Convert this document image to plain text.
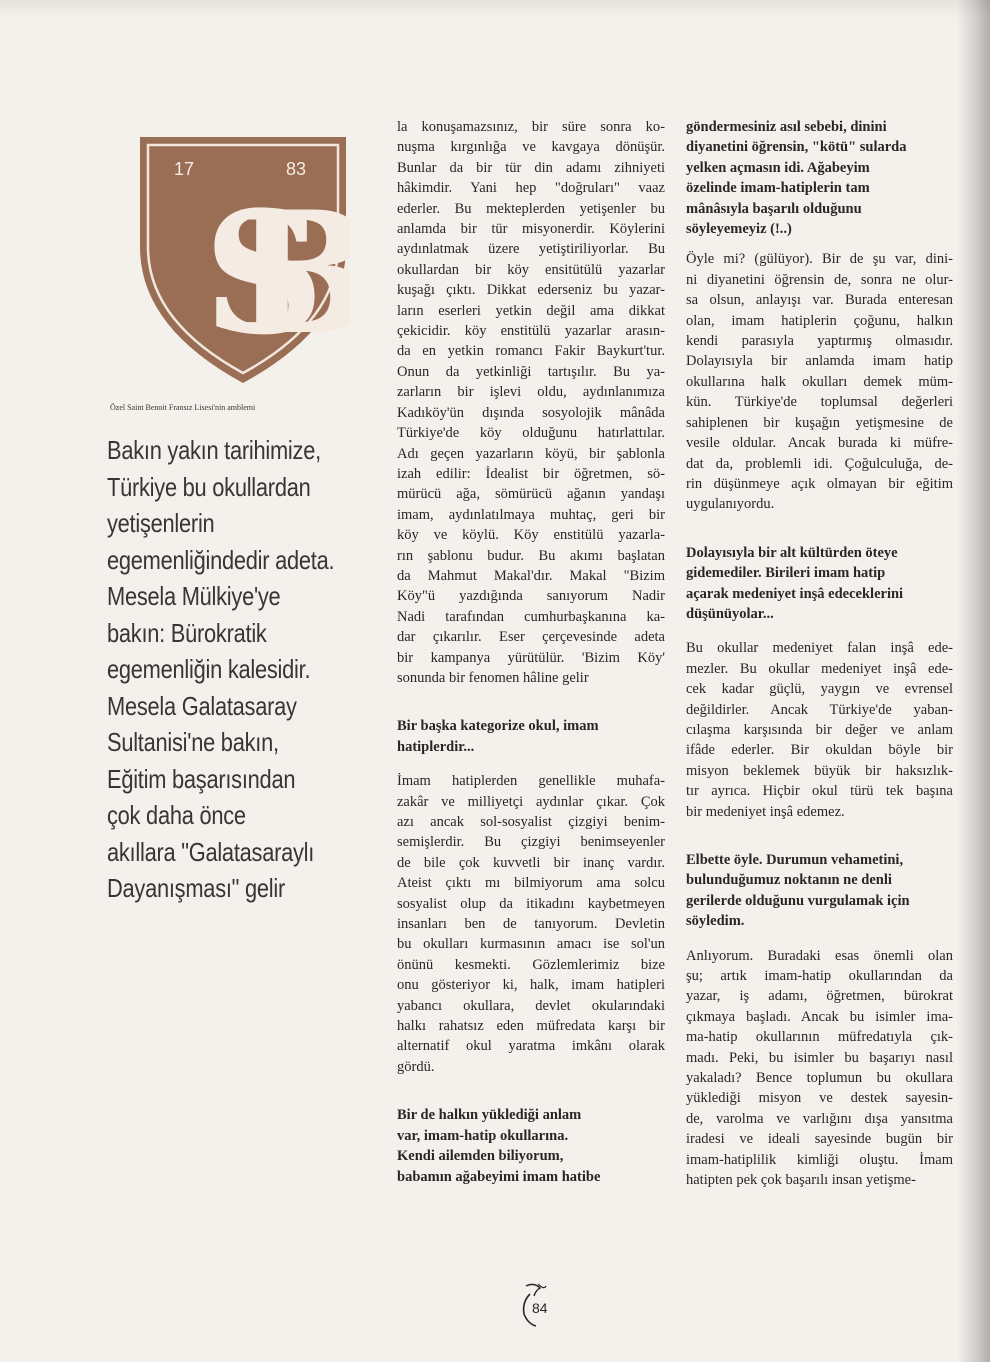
17	83
SB
Özel Saint Benoit Fransız Lisesi'nin amblemi
Bakın yakın tarihimize,
Türkiye bu okullardan
yetişenlerin
egemenliğindedir adeta.
Mesela Mülkiye'ye
bakın: Bürokratik
egemenliğin kalesidir.
Mesela Galatasaray
Sultanisi'ne bakın,
Eğitim başarısından
çok daha önce
akıllara "Galatasaraylı
Dayanışması" gelir
la konuşamazsınız, bir süre sonra ko-
nuşma kırgınlığa ve kavgaya dönüşür.
Bunlar da bir tür din adamı zihniyeti
hâkimdir. Yani hep "doğruları" vaaz
ederler. Bu mekteplerden yetişenler bu
anlamda bir tür misyonerdir. Köylerini
aydınlatmak üzere yetiştiriliyorlar. Bu
okullardan bir köy ensitütülü yazarlar
kuşağı çıktı. Dikkat ederseniz bu yazar-
ların eserleri yetkin değil ama dikkat
çekicidir. köy enstitülü yazarlar arasın-
da en yetkin romancı Fakir Baykurt'tur.
Onun da yetkinliği tartışılır. Bu ya-
zarların bir işlevi oldu, aydınlanımıza
Kadıköy'ün dışında sosyolojik mânâda
Türkiye'de köy olduğunu hatırlattılar.
Adı geçen yazarların köyü, bir şablonla
izah edilir: İdealist bir öğretmen, sö-
mürücü ağa, sömürücü ağanın yandaşı
imam, aydınlatılmaya muhtaç, geri bir
köy ve köylü. Köy enstitülü yazarla-
rın şablonu budur. Bu akımı başlatan
da Mahmut Makal'dır. Makal "Bizim
Köy"ü yazdığında sanıyorum Nadir
Nadi tarafından cumhurbaşkanına ka-
dar çıkarılır. Eser çerçevesinde adeta
bir kampanya yürütülür. 'Bizim Köy'
sonunda bir fenomen hâline gelir
Bir başka kategorize okul, imam
hatiplerdir...
İmam hatiplerden genellikle muhafa-
zakâr ve milliyetçi aydınlar çıkar. Çok
azı ancak sol-sosyalist çizgiyi benim-
semişlerdir. Bu çizgiyi benimseyenler
de bile çok kuvvetli bir inanç vardır.
Ateist çıktı mı bilmiyorum ama solcu
sosyalist olup da itikadını kaybetmeyen
insanları ben de tanıyorum. Devletin
bu okulları kurmasının amacı ise sol'un
önünü kesmekti. Gözlemlerimiz bize
onu gösteriyor ki, halk, imam hatipleri
yabancı okullara, devlet okularındaki
halkı rahatsız eden müfredata karşı bir
alternatif okul yaratma imkânı olarak
gördü.
Bir de halkın yüklediği anlam
var, imam-hatip okullarına.
Kendi ailemden biliyorum,
babamın ağabeyimi imam hatibe
göndermesiniz asıl sebebi, dinini
diyanetini öğrensin, "kötü" sularda
yelken açmasın idi. Ağabeyim
özelinde imam-hatiplerin tam
mânâsıyla başarılı olduğunu
söyleyemeyiz (!..)
Öyle mi? (gülüyor). Bir de şu var, dini-
ni diyanetini öğrensin de, sonra ne olur-
sa olsun, anlayışı var. Burada enteresan
olan, imam hatiplerin çoğunu, halkın
kendi parasıyla yaptırmış olmasıdır.
Dolayısıyla bir anlamda imam hatip
okullarına halk okulları demek müm-
kün. Türkiye'de toplumsal değerleri
sahiplenen bir kuşağın yetişmesine de
vesile oldular. Ancak burada ki müfre-
dat da, problemli idi. Çoğulculuğa, de-
rin düşünmeye açık olmayan bir eğitim
uygulanıyordu.
Dolayısıyla bir alt kültürden öteye
gidemediler. Birileri imam hatip
açarak medeniyet inşâ edeceklerini
düşünüyolar...
Bu okullar medeniyet falan inşâ ede-
mezler. Bu okullar medeniyet inşâ ede-
cek kadar güçlü, yaygın ve evrensel
değildirler. Ancak Türkiye'de yaban-
cılaşma karşısında bir değer ve anlam
ifâde ederler. Bir okuldan böyle bir
misyon beklemek büyük bir haksızlık-
tır ayrıca. Hiçbir okul türü tek başına
bir medeniyet inşâ edemez.
Elbette öyle. Durumun vehametini,
bulunduğumuz noktanın ne denli
gerilerde olduğunu vurgulamak için
söyledim.
Anlıyorum. Buradaki esas önemli olan
şu; artık imam-hatip okullarından da
yazar, iş adamı, öğretmen, bürokrat
çıkmaya başladı. Ancak bu isimler ima-
ma-hatip okullarının müfredatıyla çık-
madı. Peki, bu isimler bu başarıyı nasıl
yakaladı? Bence toplumun bu okullara
yüklediği misyon ve destek sayesin-
de, varolma ve varlığını dışa yansıtma
iradesi ve ideali sayesinde bugün bir
imam-hatiplilik kimliği oluştu. İmam
hatipten pek çok başarılı insan yetişme-
84
